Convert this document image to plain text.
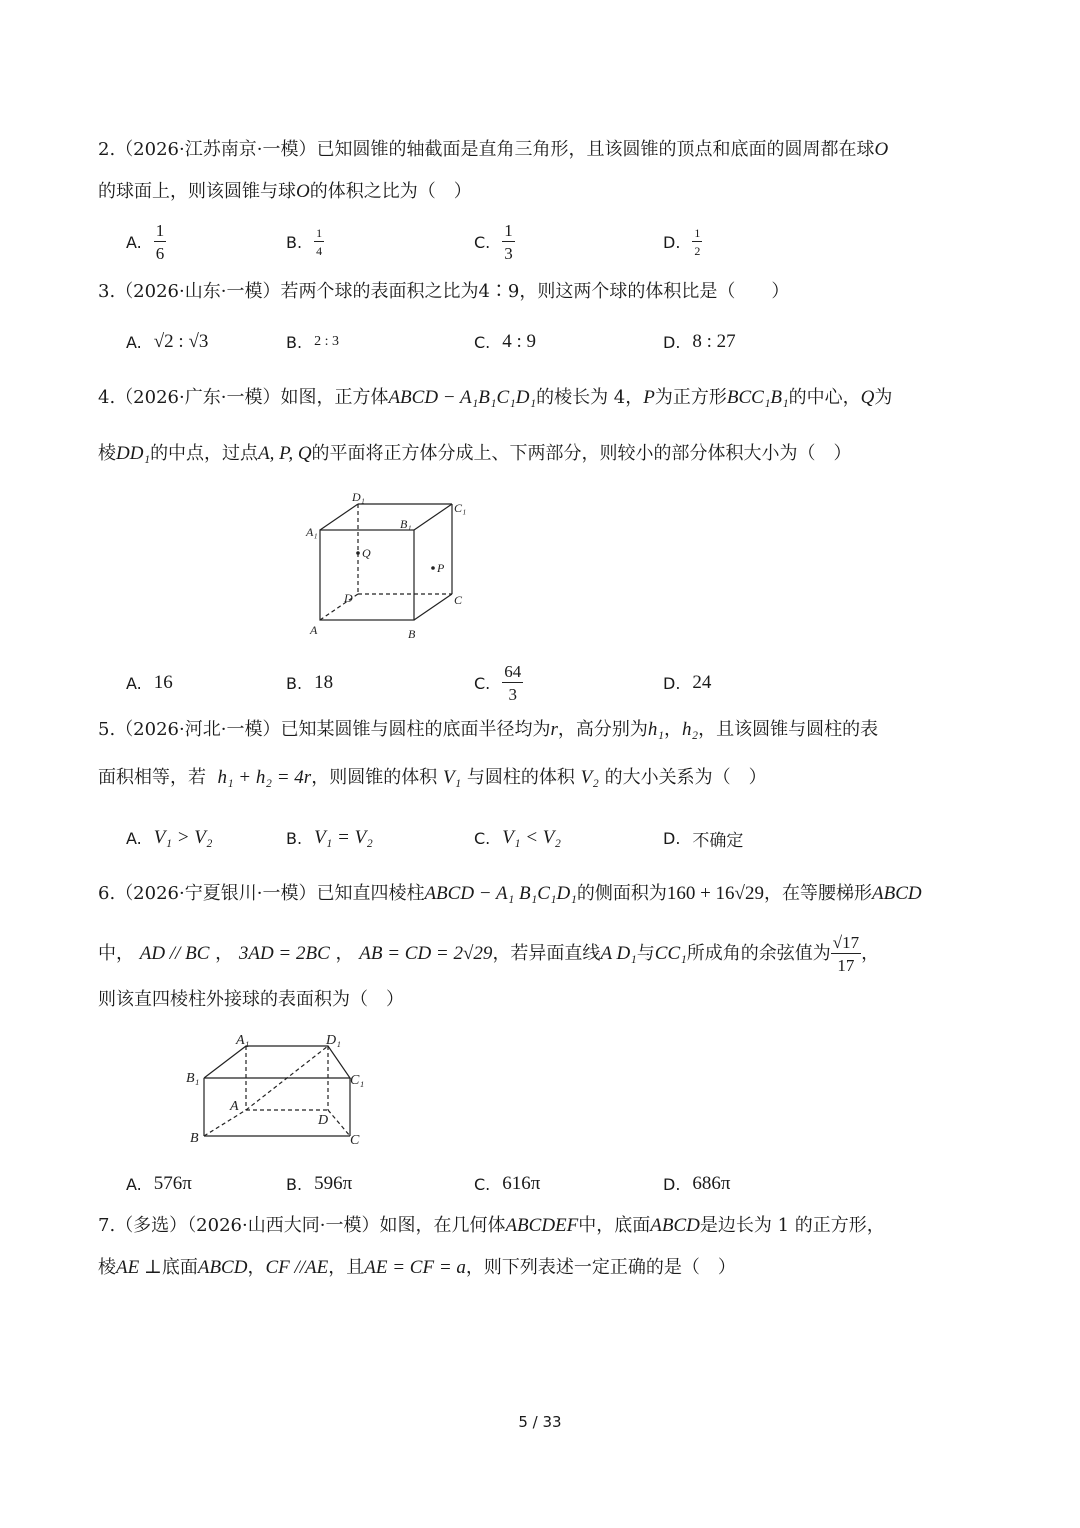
2.（2026·江苏南京·一模）已知圆锥的轴截面是直角三角形，且该圆锥的顶点和底面的圆周都在球O
的球面上，则该圆锥与球O的体积之比为（　）
A. $\frac{1}{6}$	B. $\frac{1}{4}$	C. $\frac{1}{3}$	D. $\frac{1}{2}$
3.（2026·山东·一模）若两个球的表面积之比为4∶9，则这两个球的体积比是（　　）
A. √2 : √3	B. 2 : 3	C. 4 : 9	D. 8 : 27
4.（2026·广东·一模）如图，正方体ABCD − A₁B₁C₁D₁的棱长为 4，P为正方形BCC₁B₁的中心，Q为
棱DD₁的中点，过点A, P, Q的平面将正方体分成上、下两部分，则较小的部分体积大小为（　）
D₁
C₁
A₁
B₁
Q
P
D	C
A	B
A. 16	B. 18	C. $\frac{64}{3}$	D. 24
5.（2026·河北·一模）已知某圆锥与圆柱的底面半径均为r，高分别为h₁，h₂，且该圆锥与圆柱的表
面积相等，若 h₁ + h₂ = 4r，则圆锥的体积 V₁ 与圆柱的体积 V₂ 的大小关系为（　）
A. V₁ > V₂	B. V₁ = V₂	C. V₁ < V₂	D. 不确定
6.（2026·宁夏银川·一模）已知直四棱柱ABCD − A₁ B₁C₁D₁的侧面积为160 + 16√29，在等腰梯形ABCD
中，
AD // BC ， 3AD = 2BC ， AB = CD = 2√29 ，若异面直线 A D₁ 与 CC₁ 所成角的余弦值为 $\frac{√17}{17}$ ，
则该直四棱柱外接球的表面积为（　）
A₁	D₁
B₁	C₁
A
D
B	C
A. 576π	B. 596π	C. 616π	D. 686π
7.（多选）（2026·山西大同·一模）如图，在几何体ABCDEF中，底面ABCD是边长为 1 的正方形，
棱AE ⊥底面ABCD，CF //AE，且AE = CF = a，则下列表述一定正确的是（　）
5 / 33
